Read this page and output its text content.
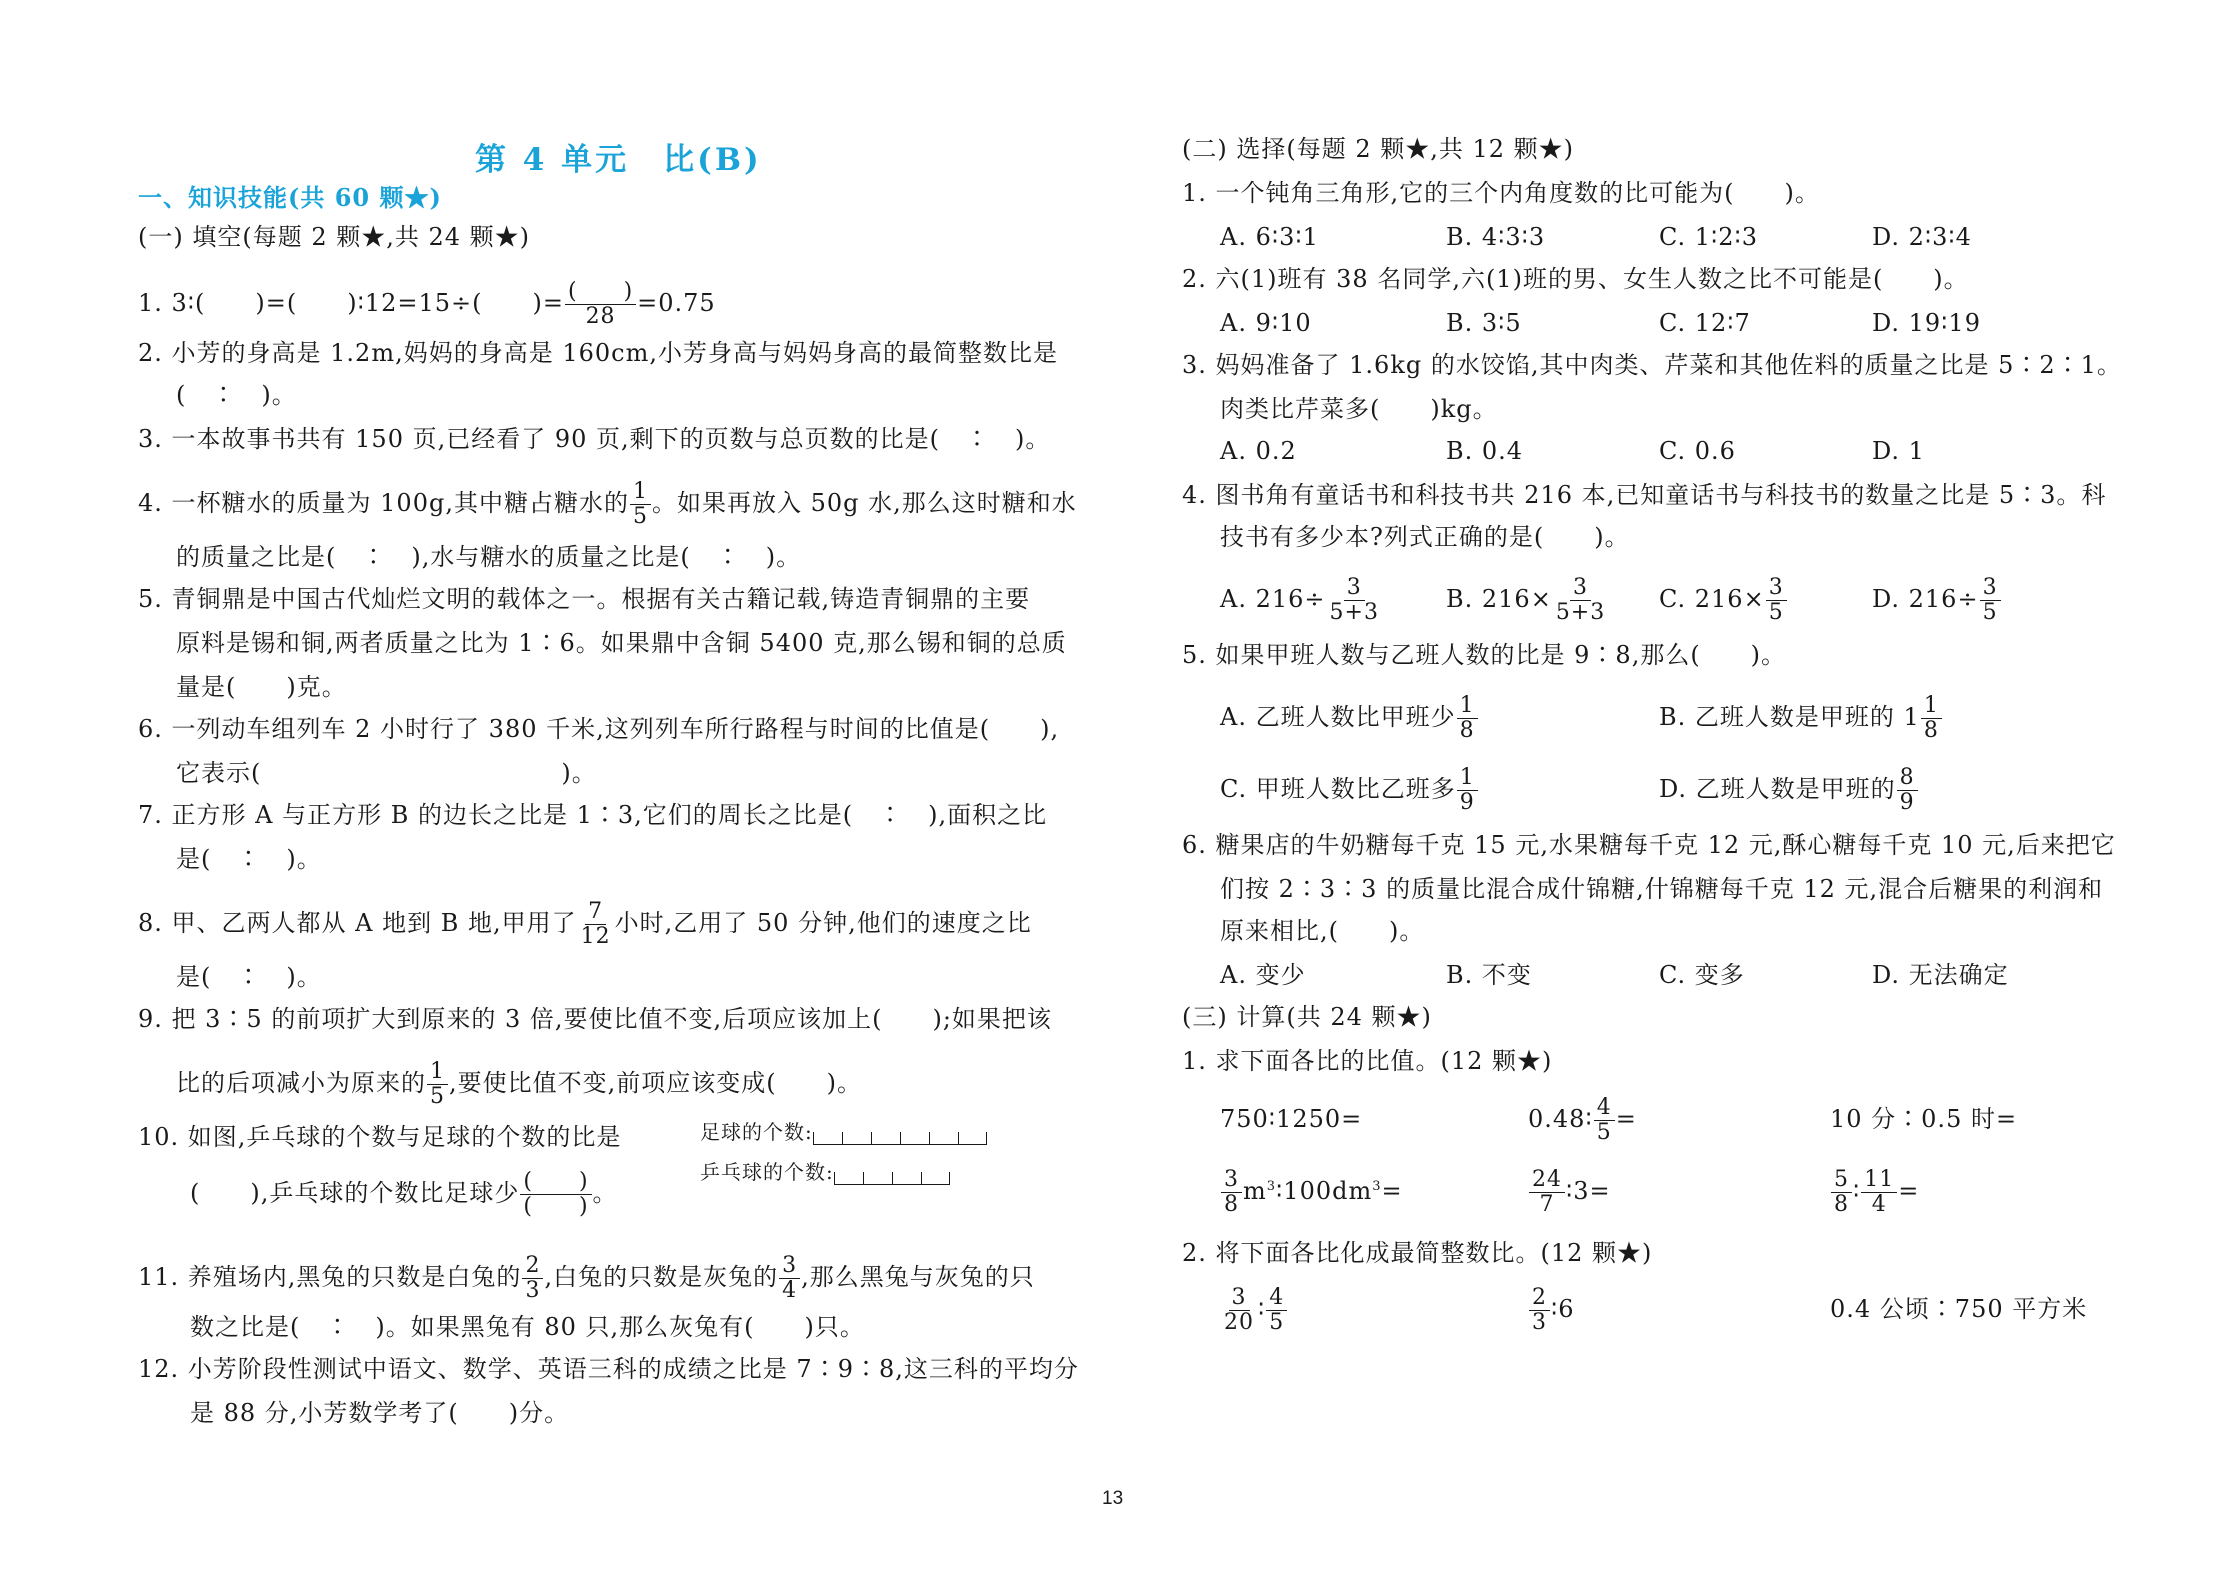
第 4 单元　比(B)
一、知识技能(共 60 颗★)
(一) 填空(每题 2 颗★,共 24 颗★)
1. 3∶(　　)=(　　)∶12=15÷(　　)= (　　)
28 =0.75
2. 小芳的身高是 1.2m,妈妈的身高是 160cm,小芳身高与妈妈身高的最简整数比是
(　∶　)。
3. 一本故事书共有 150 页,已经看了 90 页,剩下的页数与总页数的比是(　∶　)。
4. 一杯糖水的质量为 100g,其中糖占糖水的 $\frac{1}{5}$ 。如果再放入 50g 水,那么这时糖和水
的质量之比是(　∶　),水与糖水的质量之比是(　∶　)。
5. 青铜鼎是中国古代灿烂文明的载体之一。根据有关古籍记载,铸造青铜鼎的主要
原料是锡和铜,两者质量之比为 1∶6。如果鼎中含铜 5400 克,那么锡和铜的总质
量是(　　)克。
6. 一列动车组列车 2 小时行了 380 千米,这列列车所行路程与时间的比值是(　　),
它表示(　　　　　　　　　　　　)。
7. 正方形 A 与正方形 B 的边长之比是 1∶3,它们的周长之比是(　∶　),面积之比
是(　∶　)。
8. 甲、乙两人都从 A 地到 B 地,甲用了 $\frac{7}{12}$ 小时,乙用了 50 分钟,他们的速度之比
是(　∶　)。
9. 把 3∶5 的前项扩大到原来的 3 倍,要使比值不变,后项应该加上(　　);如果把该
比的后项减小为原来的 $\frac{1}{5}$ ,要使比值不变,前项应该变成(　　)。
10. 如图,乒乓球的个数与足球的个数的比是
(　　),乒乓球的个数比足球少 (　　)
(　　) 。
足球的个数:
乒乓球的个数:
11. 养殖场内,黑兔的只数是白兔的 $\frac{2}{3}$ ,白兔的只数是灰兔的 $\frac{3}{4}$ ,那么黑兔与灰兔的只
数之比是(　∶　)。如果黑兔有 80 只,那么灰兔有(　　)只。
12. 小芳阶段性测试中语文、数学、英语三科的成绩之比是 7∶9∶8,这三科的平均分
是 88 分,小芳数学考了(　　)分。
(二) 选择(每题 2 颗★,共 12 颗★)
1. 一个钝角三角形,它的三个内角度数的比可能为(　　)。
A. 6∶3∶1	B. 4∶3∶3	C. 1∶2∶3	D. 2∶3∶4
2. 六(1)班有 38 名同学,六(1)班的男、女生人数之比不可能是(　　)。
A. 9∶10	B. 3∶5	C. 12∶7	D. 19∶19
3. 妈妈准备了 1.6kg 的水饺馅,其中肉类、芹菜和其他佐料的质量之比是 5∶2∶1。
肉类比芹菜多(　　)kg。
A. 0.2	B. 0.4	C. 0.6	D. 1
4. 图书角有童话书和科技书共 216 本,已知童话书与科技书的数量之比是 5∶3。科
技书有多少本?列式正确的是(　　)。
A. $216\div \frac{3}{5+3}$	B. $216\times \frac{3}{5+3} C$. $216\times \frac{3}{5}$	D. $216\div \frac{3}{5}$
5. 如果甲班人数与乙班人数的比是 9∶8,那么(　　)。
A. 乙班人数比甲班少 $\frac{1}{8}$	B. 乙班人数是甲班的 $1 \frac{1}{8}$
C. 甲班人数比乙班多 $\frac{1}{9}$	D. 乙班人数是甲班的 $\frac{8}{9}$
6. 糖果店的牛奶糖每千克 15 元,水果糖每千克 12 元,酥心糖每千克 10 元,后来把它
们按 2∶3∶3 的质量比混合成什锦糖,什锦糖每千克 12 元,混合后糖果的利润和
原来相比,(　　)。
A. 变少	B. 不变	C. 变多	D. 无法确定
(三) 计算(共 24 颗★)
1. 求下面各比的比值。(12 颗★)
750∶1250=	0.48∶ $\frac{4}{5}$ =	10 分∶0.5 时=
$\frac{3}{8}$ $m^3∶100dm^3=$	$\frac{24}{7}$ ∶3=	$\frac{5}{8}$ ∶ $\frac{11}{4}$ =
2. 将下面各比化成最简整数比。(12 颗★)
$\frac{3}{20}$ ∶ $\frac{4}{5}$	$\frac{2}{3}$ ∶6	0.4 公顷∶750 平方米
13
